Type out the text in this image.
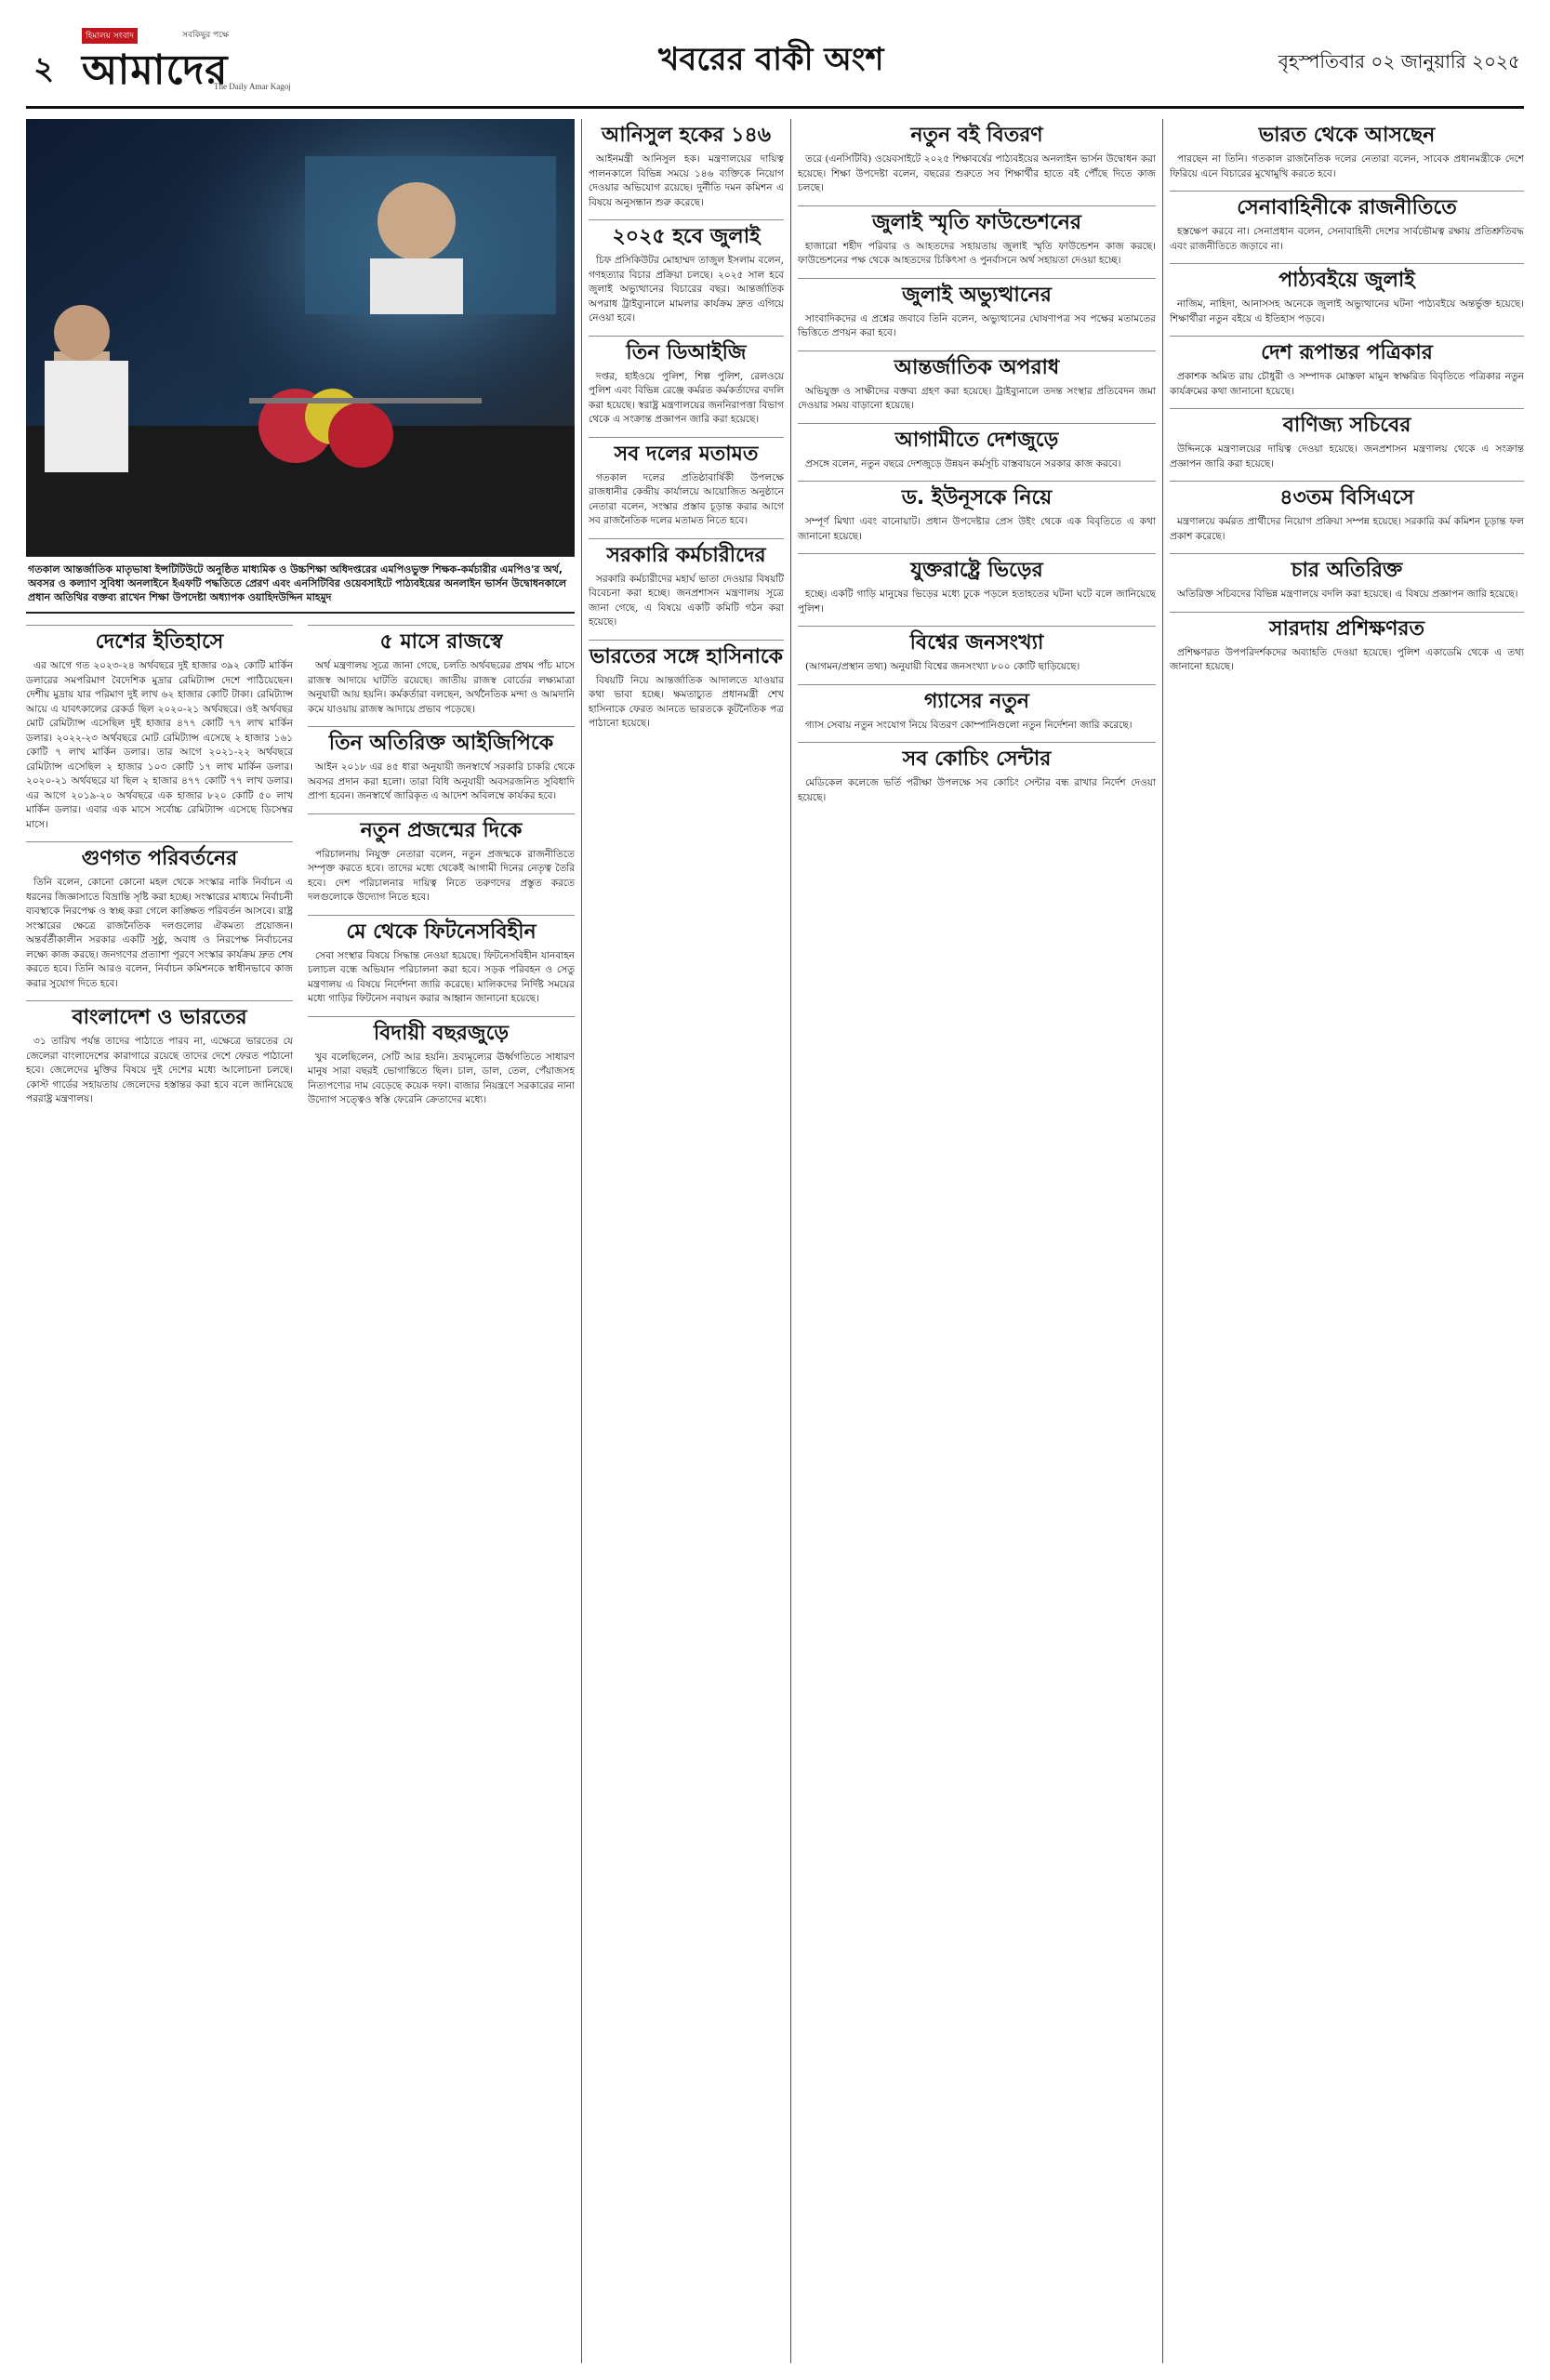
২
হিমালয় সংবাদ	সবকিছুর পক্ষে
আমাদের
The Daily Amar Kagoj
খবরের বাকী অংশ	বৃহস্পতিবার ০২ জানুয়ারি ২০২৫
গতকাল আন্তর্জাতিক মাতৃভাষা ইন্সটিটিউটে অনুষ্ঠিত মাধ্যমিক ও উচ্চশিক্ষা অধিদপ্তরের এমপিওভুক্ত শিক্ষক-কর্মচারীর এমপিও'র অর্থ, অবসর ও কল্যাণ সুবিধা অনলাইনে ইএফটি পদ্ধতিতে প্রেরণ এবং এনসিটিবির ওয়েবসাইটে পাঠ্যবইয়ের অনলাইন ভার্সন উদ্বোধনকালে প্রধান অতিথির বক্তব্য রাখেন শিক্ষা উপদেষ্টা অধ্যাপক ওয়াহিদউদ্দিন মাহমুদ
দেশের ইতিহাসে

এর আগে গত ২০২৩-২৪ অর্থবছরে দুই হাজার ৩৯২ কোটি মার্কিন ডলারের সমপরিমাণ বৈদেশিক মুদ্রার রেমিট্যান্স দেশে পাঠিয়েছেন। দেশীয় মুদ্রায় যার পরিমাণ দুই লাখ ৬২ হাজার কোটি টাকা। রেমিট্যান্স আয়ে এ যাবৎকালের রেকর্ড ছিল ২০২০-২১ অর্থবছরে। ওই অর্থবছর মোট রেমিট্যান্স এসেছিল দুই হাজার ৪৭৭ কোটি ৭৭ লাখ মার্কিন ডলার। ২০২২-২৩ অর্থবছরে মোট রেমিট্যান্স এসেছে ২ হাজার ১৬১ কোটি ৭ লাখ মার্কিন ডলার। তার আগে ২০২১-২২ অর্থবছরে রেমিট্যান্স এসেছিল ২ হাজার ১০৩ কোটি ১৭ লাখ মার্কিন ডলার। ২০২০-২১ অর্থবছরে যা ছিল ২ হাজার ৪৭৭ কোটি ৭৭ লাখ ডলার। এর আগে ২০১৯-২০ অর্থবছরে এক হাজার ৮২০ কোটি ৫০ লাখ মার্কিন ডলার। এবার এক মাসে সর্বোচ্চ রেমিট্যান্স এসেছে ডিসেম্বর মাসে।

গুণগত পরিবর্তনের

তিনি বলেন, কোনো কোনো মহল থেকে সংস্কার নাকি নির্বাচন এ ধরনের জিজ্ঞাসাতে বিভ্রান্তি সৃষ্টি করা হচ্ছে। সংস্কারের মাধ্যমে নির্বাচনী ব্যবস্থাকে নিরপেক্ষ ও স্বচ্ছ করা গেলে কাঙ্ক্ষিত পরিবর্তন আসবে। রাষ্ট্র সংস্কারের ক্ষেত্রে রাজনৈতিক দলগুলোর ঐকমত্য প্রয়োজন। অন্তর্বর্তীকালীন সরকার একটি সুষ্ঠু, অবাধ ও নিরপেক্ষ নির্বাচনের লক্ষ্যে কাজ করছে। জনগণের প্রত্যাশা পূরণে সংস্কার কার্যক্রম দ্রুত শেষ করতে হবে। তিনি আরও বলেন, নির্বাচন কমিশনকে স্বাধীনভাবে কাজ করার সুযোগ দিতে হবে।

বাংলাদেশ ও ভারতের

৩১ তারিখ পর্যন্ত তাদের পাঠাতে পারব না, এক্ষেত্রে ভারতের যে জেলেরা বাংলাদেশের কারাগারে রয়েছে তাদের দেশে ফেরত পাঠানো হবে। জেলেদের মুক্তির বিষয়ে দুই দেশের মধ্যে আলোচনা চলছে। কোস্ট গার্ডের সহায়তায় জেলেদের হস্তান্তর করা হবে বলে জানিয়েছে পররাষ্ট্র মন্ত্রণালয়।

৫ মাসে রাজস্বে

অর্থ মন্ত্রণালয় সূত্রে জানা গেছে, চলতি অর্থবছরের প্রথম পাঁচ মাসে রাজস্ব আদায়ে ঘাটতি রয়েছে। জাতীয় রাজস্ব বোর্ডের লক্ষ্যমাত্রা অনুযায়ী আয় হয়নি। কর্মকর্তারা বলছেন, অর্থনৈতিক মন্দা ও আমদানি কমে যাওয়ায় রাজস্ব আদায়ে প্রভাব পড়েছে।

তিন অতিরিক্ত আইজিপিকে

আইন ২০১৮ এর ৪৫ ধারা অনুযায়ী জনস্বার্থে সরকারি চাকরি থেকে অবসর প্রদান করা হলো। তারা বিধি অনুযায়ী অবসরজনিত সুবিধাদি প্রাপ্য হবেন। জনস্বার্থে জারিকৃত এ আদেশ অবিলম্বে কার্যকর হবে।

নতুন প্রজন্মের দিকে

পরিচালনায় নিযুক্ত নেতারা বলেন, নতুন প্রজন্মকে রাজনীতিতে সম্পৃক্ত করতে হবে। তাদের মধ্যে থেকেই আগামী দিনের নেতৃত্ব তৈরি হবে। দেশ পরিচালনার দায়িত্ব নিতে তরুণদের প্রস্তুত করতে দলগুলোকে উদ্যোগ নিতে হবে।

মে থেকে ফিটনেসবিহীন

সেবা সংস্থার বিষয়ে সিদ্ধান্ত নেওয়া হয়েছে। ফিটনেসবিহীন যানবাহন চলাচল বন্ধে অভিযান পরিচালনা করা হবে। সড়ক পরিবহন ও সেতু মন্ত্রণালয় এ বিষয়ে নির্দেশনা জারি করেছে। মালিকদের নির্দিষ্ট সময়ের মধ্যে গাড়ির ফিটনেস নবায়ন করার আহ্বান জানানো হয়েছে।

বিদায়ী বছরজুড়ে

খুব বলেছিলেন, সেটি আর হয়নি। দ্রব্যমূল্যের ঊর্ধ্বগতিতে সাধারণ মানুষ সারা বছরই ভোগান্তিতে ছিল। চাল, ডাল, তেল, পেঁয়াজসহ নিত্যপণ্যের দাম বেড়েছে কয়েক দফা। বাজার নিয়ন্ত্রণে সরকারের নানা উদ্যোগ সত্ত্বেও স্বস্তি ফেরেনি ক্রেতাদের মধ্যে।

আনিসুল হকের ১৪৬

আইনমন্ত্রী আনিসুল হক। মন্ত্রণালয়ের দায়িত্ব পালনকালে বিভিন্ন সময়ে ১৪৬ ব্যক্তিকে নিয়োগ দেওয়ার অভিযোগ রয়েছে। দুর্নীতি দমন কমিশন এ বিষয়ে অনুসন্ধান শুরু করেছে।

২০২৫ হবে জুলাই

চিফ প্রসিকিউটর মোহাম্মদ তাজুল ইসলাম বলেন, গণহত্যার বিচার প্রক্রিয়া চলছে। ২০২৫ সাল হবে জুলাই অভ্যুত্থানের বিচারের বছর। আন্তর্জাতিক অপরাধ ট্রাইব্যুনালে মামলার কার্যক্রম দ্রুত এগিয়ে নেওয়া হবে।

তিন ডিআইজি

দপ্তর, হাইওয়ে পুলিশ, শিল্প পুলিশ, রেলওয়ে পুলিশ এবং বিভিন্ন রেঞ্জে কর্মরত কর্মকর্তাদের বদলি করা হয়েছে। স্বরাষ্ট্র মন্ত্রণালয়ের জননিরাপত্তা বিভাগ থেকে এ সংক্রান্ত প্রজ্ঞাপন জারি করা হয়েছে।

সব দলের মতামত

গতকাল দলের প্রতিষ্ঠাবার্ষিকী উপলক্ষে রাজধানীর কেন্দ্রীয় কার্যালয়ে আয়োজিত অনুষ্ঠানে নেতারা বলেন, সংস্কার প্রস্তাব চূড়ান্ত করার আগে সব রাজনৈতিক দলের মতামত নিতে হবে।

সরকারি কর্মচারীদের

সরকারি কর্মচারীদের মহার্ঘ ভাতা দেওয়ার বিষয়টি বিবেচনা করা হচ্ছে। জনপ্রশাসন মন্ত্রণালয় সূত্রে জানা গেছে, এ বিষয়ে একটি কমিটি গঠন করা হয়েছে।

ভারতের সঙ্গে হাসিনাকে

বিষয়টি নিয়ে আন্তর্জাতিক আদালতে যাওয়ার কথা ভাবা হচ্ছে। ক্ষমতাচ্যুত প্রধানমন্ত্রী শেখ হাসিনাকে ফেরত আনতে ভারতকে কূটনৈতিক পত্র পাঠানো হয়েছে।

নতুন বই বিতরণ

তরে (এনসিটিবি) ওয়েবসাইটে ২০২৫ শিক্ষাবর্ষের পাঠ্যবইয়ের অনলাইন ভার্সন উদ্বোধন করা হয়েছে। শিক্ষা উপদেষ্টা বলেন, বছরের শুরুতে সব শিক্ষার্থীর হাতে বই পৌঁছে দিতে কাজ চলছে।

জুলাই স্মৃতি ফাউন্ডেশনের

হাজারো শহীদ পরিবার ও আহতদের সহায়তায় জুলাই স্মৃতি ফাউন্ডেশন কাজ করছে। ফাউন্ডেশনের পক্ষ থেকে আহতদের চিকিৎসা ও পুনর্বাসনে অর্থ সহায়তা দেওয়া হচ্ছে।

জুলাই অভ্যুত্থানের

সাংবাদিকদের এ প্রশ্নের জবাবে তিনি বলেন, অভ্যুত্থানের ঘোষণাপত্র সব পক্ষের মতামতের ভিত্তিতে প্রণয়ন করা হবে।

আন্তর্জাতিক অপরাধ

অভিযুক্ত ও সাক্ষীদের বক্তব্য গ্রহণ করা হয়েছে। ট্রাইব্যুনালে তদন্ত সংস্থার প্রতিবেদন জমা দেওয়ার সময় বাড়ানো হয়েছে।

আগামীতে দেশজুড়ে

প্রসঙ্গে বলেন, নতুন বছরে দেশজুড়ে উন্নয়ন কর্মসূচি বাস্তবায়নে সরকার কাজ করবে।

ড. ইউনূসকে নিয়ে

সম্পূর্ণ মিথ্যা এবং বানোয়াট। প্রধান উপদেষ্টার প্রেস উইং থেকে এক বিবৃতিতে এ কথা জানানো হয়েছে।

যুক্তরাষ্ট্রে ভিড়ের

হচ্ছে। একটি গাড়ি মানুষের ভিড়ের মধ্যে ঢুকে পড়লে হতাহতের ঘটনা ঘটে বলে জানিয়েছে পুলিশ।

বিশ্বের জনসংখ্যা

(আগমন/প্রস্থান তথ্য) অনুযায়ী বিশ্বের জনসংখ্যা ৮০০ কোটি ছাড়িয়েছে।

গ্যাসের নতুন

গ্যাস সেবায় নতুন সংযোগ নিয়ে বিতরণ কোম্পানিগুলো নতুন নির্দেশনা জারি করেছে।

সব কোচিং সেন্টার

মেডিকেল কলেজে ভর্তি পরীক্ষা উপলক্ষে সব কোচিং সেন্টার বন্ধ রাখার নির্দেশ দেওয়া হয়েছে।

ভারত থেকে আসছেন

পারছেন না তিনি। গতকাল রাজনৈতিক দলের নেতারা বলেন, সাবেক প্রধানমন্ত্রীকে দেশে ফিরিয়ে এনে বিচারের মুখোমুখি করতে হবে।

সেনাবাহিনীকে রাজনীতিতে

হস্তক্ষেপ করবে না। সেনাপ্রধান বলেন, সেনাবাহিনী দেশের সার্বভৌমত্ব রক্ষায় প্রতিশ্রুতিবদ্ধ এবং রাজনীতিতে জড়াবে না।

পাঠ্যবইয়ে জুলাই

নাজিম, নাহিদা, আনাসসহ অনেকে জুলাই অভ্যুত্থানের ঘটনা পাঠ্যবইয়ে অন্তর্ভুক্ত হয়েছে। শিক্ষার্থীরা নতুন বইয়ে এ ইতিহাস পড়বে।

দেশ রূপান্তর পত্রিকার

প্রকাশক অমিত রায় চৌধুরী ও সম্পাদক মোস্তফা মামুন স্বাক্ষরিত বিবৃতিতে পত্রিকার নতুন কার্যক্রমের কথা জানানো হয়েছে।

বাণিজ্য সচিবের

উদ্দিনকে মন্ত্রণালয়ের দায়িত্ব দেওয়া হয়েছে। জনপ্রশাসন মন্ত্রণালয় থেকে এ সংক্রান্ত প্রজ্ঞাপন জারি করা হয়েছে।

৪৩তম বিসিএসে

মন্ত্রণালয়ে কর্মরত প্রার্থীদের নিয়োগ প্রক্রিয়া সম্পন্ন হয়েছে। সরকারি কর্ম কমিশন চূড়ান্ত ফল প্রকাশ করেছে।

চার অতিরিক্ত

অতিরিক্ত সচিবদের বিভিন্ন মন্ত্রণালয়ে বদলি করা হয়েছে। এ বিষয়ে প্রজ্ঞাপন জারি হয়েছে।

সারদায় প্রশিক্ষণরত

প্রশিক্ষণরত উপপরিদর্শকদের অব্যাহতি দেওয়া হয়েছে। পুলিশ একাডেমি থেকে এ তথ্য জানানো হয়েছে।
